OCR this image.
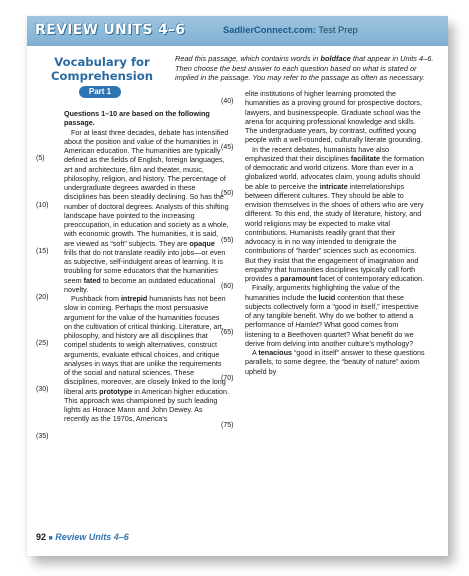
REVIEW UNITS 4–6	SadlierConnect.com: Test Prep
Vocabulary for
Comprehension
Part 1
Read this passage, which contains words in boldface that appear in Units 4–6. Then choose the best answer to each question based on what is stated or implied in the passage. You may refer to the passage as often as necessary.

Questions 1–10 are based on the following passage.

For at least three decades, debate has intensified about the position and value of the humanities in American education. The humanities are typically defined as the fields of English, foreign languages, art and architecture, film and theater, music, philosophy, religion, and history. The percentage of undergraduate degrees awarded in these disciplines has been steadily declining. So has the number of doctoral degrees. Analysts of this shifting landscape have pointed to the increasing preoccupation, in education and society as a whole, with economic growth. The humanities, it is said, are viewed as “soft” subjects. They are opaque frills that do not translate readily into jobs—or even as subjective, self-indulgent areas of learning. It is troubling for some educators that the humanities seem fated to become an outdated educational novelty.

Pushback from intrepid humanists has not been slow in coming. Perhaps the most persuasive argument for the value of the humanities focuses on the cultivation of critical thinking. Literature, art, philosophy, and history are all disciplines that compel students to weigh alternatives, construct arguments, evaluate ethical choices, and critique analyses in ways that are unlike the requirements of the social and natural sciences. These disciplines, moreover, are closely linked to the long liberal arts prototype in American higher education. This approach was championed by such leading lights as Horace Mann and John Dewey. As recently as the 1970s, America’s

elite institutions of higher learning promoted the humanities as a proving ground for prospective doctors, lawyers, and businesspeople. Graduate school was the arena for acquiring professional knowledge and skills. The undergraduate years, by contrast, outfitted young people with a well-rounded, culturally literate grounding.

In the recent debates, humanists have also emphasized that their disciplines facilitate the formation of democratic and world citizens. More than ever in a globalized world, advocates claim, young adults should be able to perceive the intricate interrelationships between different cultures. They should be able to envision themselves in the shoes of others who are very different. To this end, the study of literature, history, and world religions may be expected to make vital contributions. Humanists readily grant that their advocacy is in no way intended to denigrate the contributions of “harder” sciences such as economics. But they insist that the engagement of imagination and empathy that humanities disciplines typically call forth provides a paramount facet of contemporary education.

Finally, arguments highlighting the value of the humanities include the lucid contention that these subjects collectively form a “good in itself,” irrespective of any tangible benefit. Why do we bother to attend a performance of Hamlet? What good comes from listening to a Beethoven quartet? What benefit do we derive from delving into another culture’s mythology?

A tenacious “good in itself” answer to these questions parallels, to some degree, the “beauty of nature” axiom upheld by

(5)
(10)
(15)
(20)
(25)
(30)
(35)
(40)
(45)
(50)
(55)
(60)
(65)
(70)
(75)
92 ■ Review Units 4–6
